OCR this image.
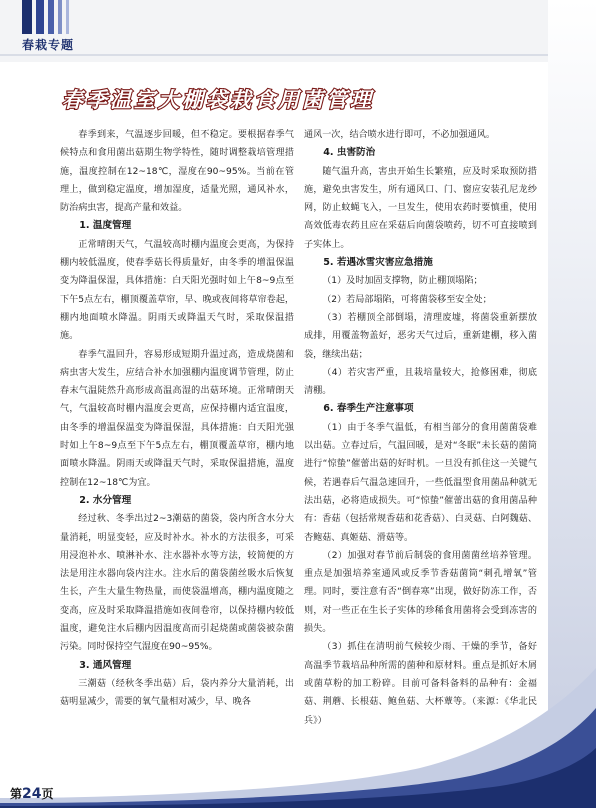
春栽专题
春季温室大棚袋栽食用菌管理

春季到来，气温逐步回暖，但不稳定。要根据春季气候特点和食用菌出菇期生物学特性，随时调整栽培管理措施，温度控制在12~18℃，湿度在90~95%。当前在管理上，做到稳定温度，增加湿度，适量光照，通风补水，防治病虫害，提高产量和效益。

1. 温度管理

正常晴朗天气，气温较高时棚内温度会更高，为保持棚内较低温度，使春季菇长得质量好，由冬季的增温保温变为降温保湿，具体措施：白天阳光强时如上午8~9点至下午5点左右，棚顶覆盖草帘，早、晚或夜间将草帘卷起，棚内地面喷水降温。阴雨天或降温天气时，采取保温措施。

春季气温回升，容易形成短期升温过高，造成烧菌和病虫害大发生，应结合补水加强棚内温度调节管理，防止春末气温陡然升高形成高温高湿的出菇环境。正常晴朗天气，气温较高时棚内温度会更高，应保持棚内适宜温度，由冬季的增温保温变为降温保湿，具体措施：白天阳光强时如上午8~9点至下午5点左右，棚顶覆盖草帘，棚内地面喷水降温。阴雨天或降温天气时，采取保温措施，温度控制在12~18℃为宜。

2. 水分管理

经过秋、冬季出过2~3潮菇的菌袋，袋内所含水分大量消耗，明显变轻，应及时补水。补水的方法很多，可采用浸泡补水、喷淋补水、注水器补水等方法，较简便的方法是用注水器向袋内注水。注水后的菌袋菌丝吸水后恢复生长，产生大量生物热量，而使袋温增高，棚内温度随之变高，应及时采取降温措施如夜间卷帘，以保持棚内较低温度，避免注水后棚内因温度高而引起烧菌或菌袋被杂菌污染。同时保持空气湿度在90~95%。

3. 通风管理

三潮菇（经秋冬季出菇）后，袋内养分大量消耗，出菇明显减少，需要的氧气量相对减少，早、晚各

通风一次，结合喷水进行即可，不必加强通风。

4. 虫害防治

随气温升高，害虫开始生长繁殖，应及时采取预防措施，避免虫害发生，所有通风口、门、窗应安装孔尼龙纱网，防止蚊蝇飞入，一旦发生，使用农药时要慎重，使用高效低毒农药且应在采菇后向菌袋喷药，切不可直接喷到子实体上。

5. 若遇冰雪灾害应急措施

（1）及时加固支撑物，防止棚顶塌陷；

（2）若局部塌陷，可将菌袋移至安全处；

（3）若棚顶全部倒塌，清理废墟，将菌袋重新摆放成排，用覆盖物盖好，恶劣天气过后，重新建棚，移入菌袋，继续出菇；

（4）若灾害严重，且栽培量较大，抢修困难，彻底清棚。

6. 春季生产注意事项

（1）由于冬季气温低，有相当部分的食用菌菌袋难以出菇。立春过后，气温回暖，是对“冬眠”未长菇的菌筒进行“惊蛰”催蕾出菇的好时机。一旦没有抓住这一关键气候，若遇春后气温急速回升，一些低温型食用菌品种就无法出菇，必将造成损失。可“惊蛰”催蕾出菇的食用菌品种有：香菇（包括常规香菇和花香菇）、白灵菇、白阿魏菇、杏鲍菇、真姬菇、滑菇等。

（2）加强对春节前后制袋的食用菌菌丝培养管理。重点是加强培养室通风或反季节香菇菌筒“刺孔增氧”管理。同时，要注意有否“倒春寒”出现，做好防冻工作，否则，对一些正在生长子实体的珍稀食用菌将会受到冻害的损失。

（3）抓住在清明前气候较少雨、干燥的季节，备好高温季节栽培品种所需的菌种和原材料。重点是抓好木屑或菌草粉的加工粉碎。目前可备料备料的品种有：金福菇、荆蘑、长根菇、鲍鱼菇、大杯蕈等。（来源：《华北民兵》）

第24页
